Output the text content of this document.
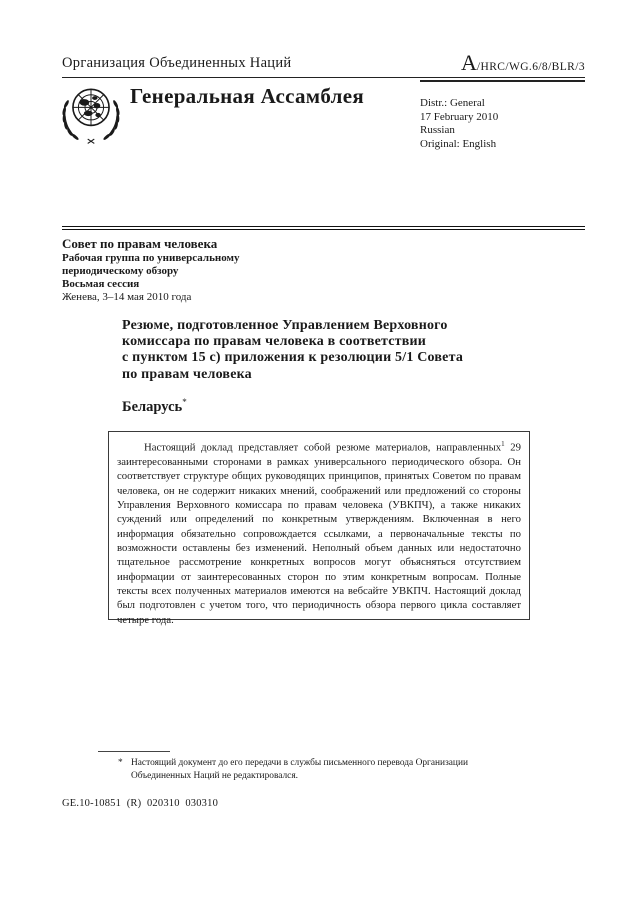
Организация Объединенных Наций	A/HRC/WG.6/8/BLR/3
Генеральная Ассамблея	Distr.: General
17 February 2010
Russian
Original: English
Совет по правам человека
Рабочая группа по универсальному
периодическому обзору
Восьмая сессия
Женева, 3–14 мая 2010 года
Резюме, подготовленное Управлением Верховного
комиссара по правам человека в соответствии
с пунктом 15 c) приложения к резолюции 5/1 Совета
по правам человека
Беларусь*

Настоящий доклад представляет собой резюме материалов, направленных$^1$ 29 заинтересованными сторонами в рамках универсального периодического обзора. Он соответствует структуре общих руководящих принципов, принятых Советом по правам человека, он не содержит никаких мнений, соображений или предложений со стороны Управления Верховного комиссара по правам человека (УВКПЧ), а также никаких суждений или определений по конкретным утверждениям. Включенная в него информация обязательно сопровождается ссылками, а первоначальные тексты по возможности оставлены без изменений. Неполный объем данных или недостаточно тщательное рассмотрение конкретных вопросов могут объясняться отсутствием информации от заинтересованных сторон по этим конкретным вопросам. Полные тексты всех полученных материалов имеются на вебсайте УВКПЧ. Настоящий доклад был подготовлен с учетом того, что периодичность обзора первого цикла составляет четыре года.

* Настоящий документ до его передачи в службы письменного перевода Организации
Объединенных Наций не редактировался.
GE.10-10851  (R)  020310  030310
